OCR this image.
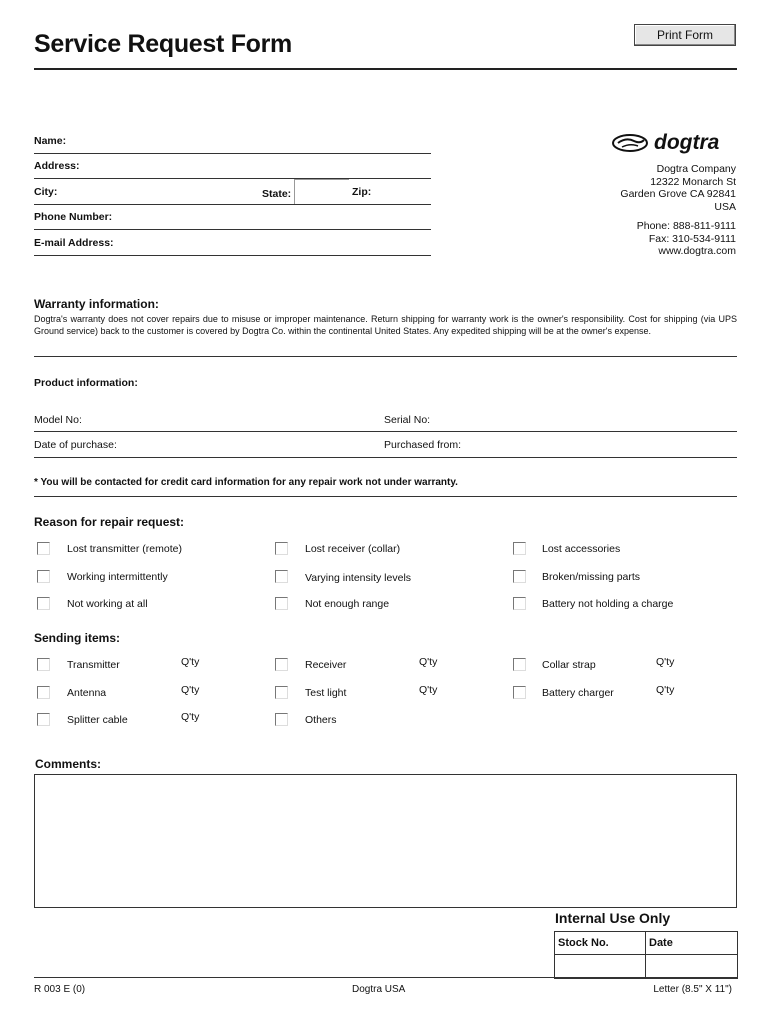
Service Request Form	Print Form
Name:
Address:
City:	State:	Zip:
Phone Number:
E-mail Address:
dogtra
Dogtra Company
12322 Monarch St
Garden Grove CA 92841
USA
Phone: 888-811-9111
Fax: 310-534-9111
www.dogtra.com
Warranty information:
Dogtra's warranty does not cover repairs due to misuse or improper maintenance. Return shipping for warranty work is the owner's responsibility. Cost for shipping (via UPS Ground service) back to the customer is covered by Dogtra Co. within the continental United States. Any expedited shipping will be at the owner's expense.
Product information:
Model No:	Serial No:
Date of purchase:	Purchased from:
* You will be contacted for credit card information for any repair work not under warranty.
Reason for repair request:
Lost transmitter (remote)	Lost receiver (collar)	Lost accessories
Working intermittently	Varying intensity levels	Broken/missing parts
Not working at all	Not enough range	Battery not holding a charge
Sending items:
Transmitter	Q'ty	Receiver	Q'ty	Collar strap	Q'ty
Antenna	Q'ty	Test light	Q'ty	Battery charger	Q'ty
Splitter cable	Q'ty	Others
Comments:
Internal Use Only
Stock No.	Date
R 003 E (0)	Dogtra USA	Letter (8.5" X 11")
